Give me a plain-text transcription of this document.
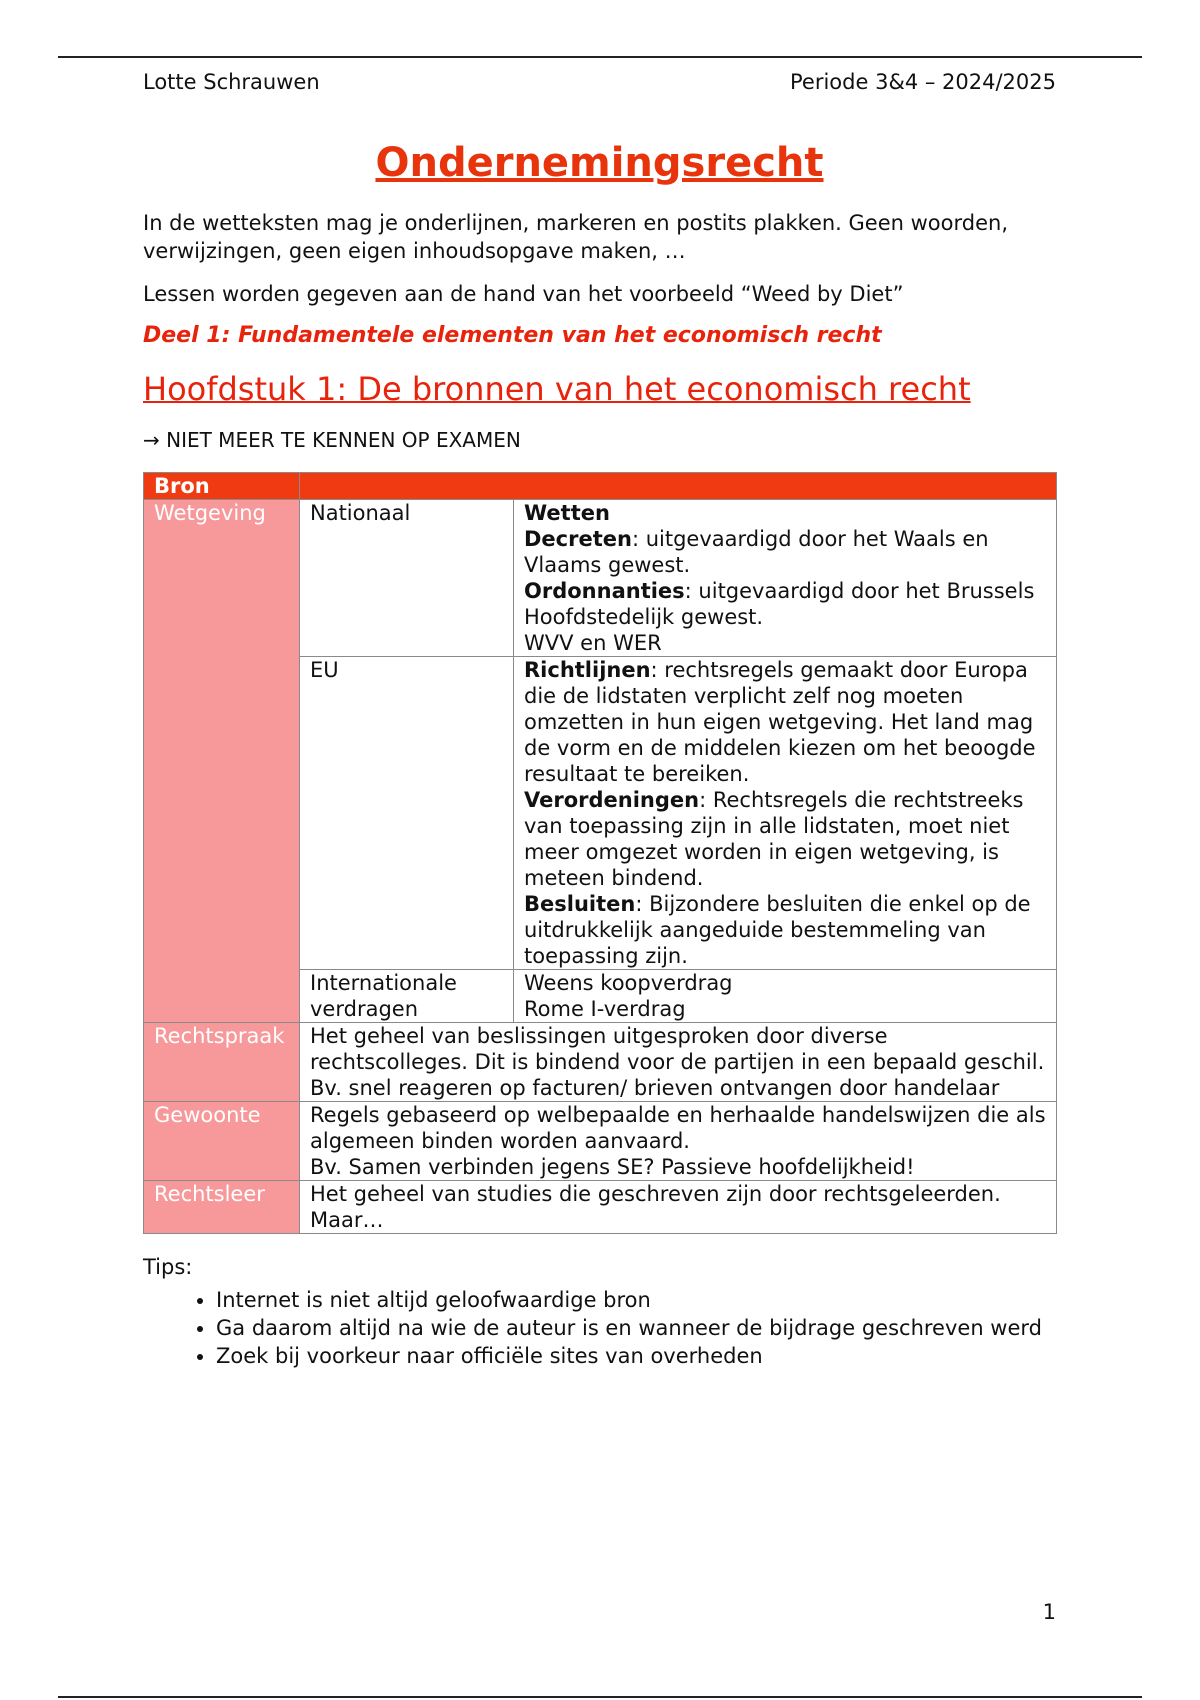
Lotte Schrauwen	Periode 3&4 – 2024/2025
Ondernemingsrecht
In de wetteksten mag je onderlijnen, markeren en postits plakken. Geen woorden, verwijzingen, geen eigen inhoudsopgave maken, …
Lessen worden gegeven aan de hand van het voorbeeld “Weed by Diet”
Deel 1: Fundamentele elementen van het economisch recht
Hoofdstuk 1: De bronnen van het economisch recht
→ NIET MEER TE KENNEN OP EXAMEN
Bron		
Wetgeving	Nationaal	Wetten
Decreten: uitgevaardigd door het Waals en Vlaams gewest.
Ordonnanties: uitgevaardigd door het Brussels Hoofdstedelijk gewest.
WVV en WER

	EU	Richtlijnen: rechtsregels gemaakt door Europa die de lidstaten verplicht zelf nog moeten omzetten in hun eigen wetgeving. Het land mag de vorm en de middelen kiezen om het beoogde resultaat te bereiken.
Verordeningen: Rechtsregels die rechtstreeks van toepassing zijn in alle lidstaten, moet niet meer omgezet worden in eigen wetgeving, is meteen bindend.
Besluiten: Bijzondere besluiten die enkel op de uitdrukkelijk aangeduide bestemmeling van toepassing zijn.

	Internationale verdragen	Weens koopverdrag
Rome I-verdrag

Rechtspraak	Het geheel van beslissingen uitgesproken door diverse rechtscolleges. Dit is bindend voor de partijen in een bepaald geschil.
Bv. snel reageren op facturen/ brieven ontvangen door handelaar	

Gewoonte	Regels gebaseerd op welbepaalde en herhaalde handelswijzen die als algemeen binden worden aanvaard.
Bv. Samen verbinden jegens SE? Passieve hoofdelijkheid!	

Rechtsleer	Het geheel van studies die geschreven zijn door rechtsgeleerden. Maar…	
Tips:
• Internet is niet altijd geloofwaardige bron
• Ga daarom altijd na wie de auteur is en wanneer de bijdrage geschreven werd
• Zoek bij voorkeur naar officiële sites van overheden
1
